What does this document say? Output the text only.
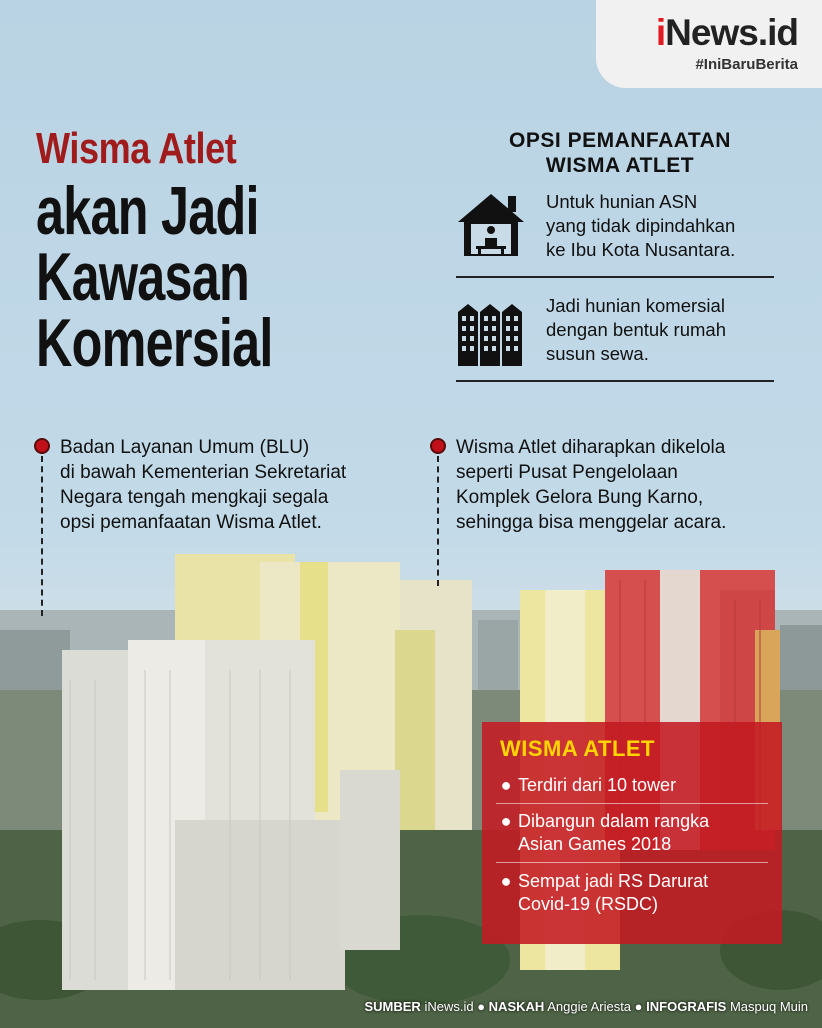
iNews.id
#IniBaruBerita
Wisma Atlet
akan Jadi
Kawasan
Komersial
OPSI PEMANFAATAN
WISMA ATLET
Untuk hunian ASN
yang tidak dipindahkan
ke Ibu Kota Nusantara.
Jadi hunian komersial
dengan bentuk rumah
susun sewa.
Badan Layanan Umum (BLU)
di bawah Kementerian Sekretariat
Negara tengah mengkaji segala
opsi pemanfaatan Wisma Atlet.
Wisma Atlet diharapkan dikelola
seperti Pusat Pengelolaan
Komplek Gelora Bung Karno,
sehingga bisa menggelar acara.
WISMA ATLET
● Terdiri dari 10 tower
● Dibangun dalam rangka
Asian Games 2018
● Sempat jadi RS Darurat
Covid-19 (RSDC)
SUMBER iNews.id ● NASKAH Anggie Ariesta ● INFOGRAFIS Maspuq Muin
